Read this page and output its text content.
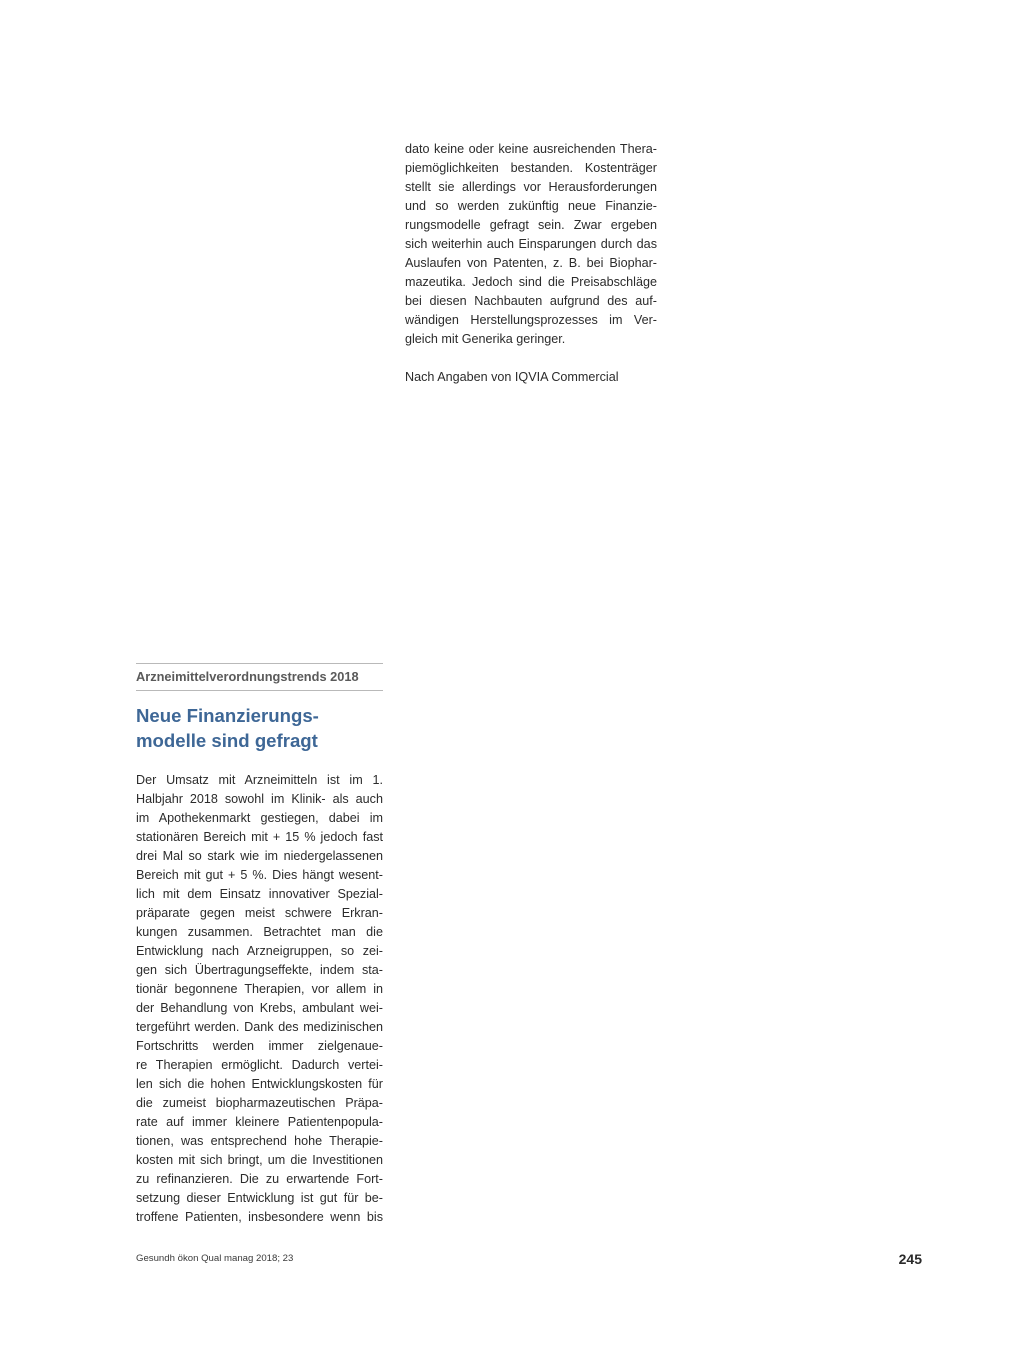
dato keine oder keine ausreichenden Thera-
piemöglichkeiten bestanden. Kostenträger
stellt sie allerdings vor Herausforderungen
und so werden zukünftig neue Finanzie-
rungsmodelle gefragt sein. Zwar ergeben
sich weiterhin auch Einsparungen durch das
Auslaufen von Patenten, z. B. bei Biophar-
mazeutika. Jedoch sind die Preisabschläge
bei diesen Nachbauten aufgrund des auf-
wändigen Herstellungsprozesses im Ver-
gleich mit Generika geringer.
Nach Angaben von IQVIA Commercial
Arzneimittelverordnungstrends 2018
Neue Finanzierungs-
modelle sind gefragt
Der Umsatz mit Arzneimitteln ist im 1.
Halbjahr 2018 sowohl im Klinik- als auch
im Apothekenmarkt gestiegen, dabei im
stationären Bereich mit + 15 % jedoch fast
drei Mal so stark wie im niedergelassenen
Bereich mit gut + 5 %. Dies hängt wesent-
lich mit dem Einsatz innovativer Spezial-
präparate gegen meist schwere Erkran-
kungen zusammen. Betrachtet man die
Entwicklung nach Arzneigruppen, so zei-
gen sich Übertragungseffekte, indem sta-
tionär begonnene Therapien, vor allem in
der Behandlung von Krebs, ambulant wei-
tergeführt werden. Dank des medizinischen
Fortschritts werden immer zielgenaue-
re Therapien ermöglicht. Dadurch vertei-
len sich die hohen Entwicklungskosten für
die zumeist biopharmazeutischen Präpa-
rate auf immer kleinere Patientenpopula-
tionen, was entsprechend hohe Therapie-
kosten mit sich bringt, um die Investitionen
zu refinanzieren. Die zu erwartende Fort-
setzung dieser Entwicklung ist gut für be-
troffene Patienten, insbesondere wenn bis
Gesundh ökon Qual manag 2018; 23	245
